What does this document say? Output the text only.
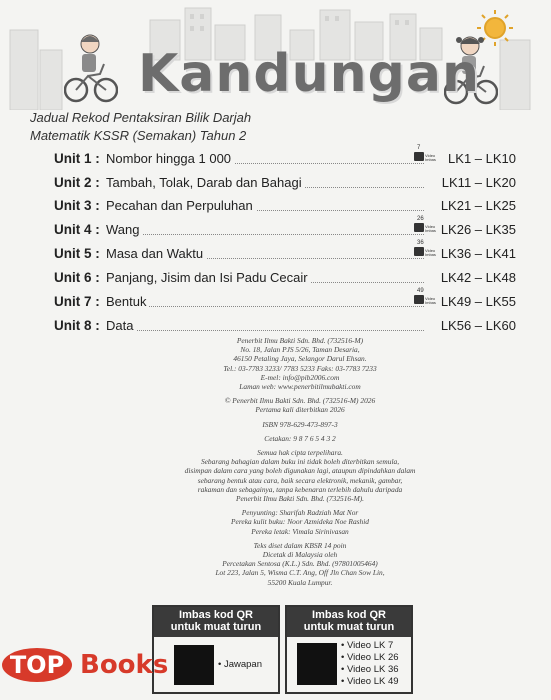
Kandungan
Jadual Rekod Pentaksiran Bilik Darjah
Matematik KSSR (Semakan) Tahun 2
Unit 1 : Nombor hingga 1 000	LK1 – LK10
7
Video Imbas
Unit 2 : Tambah, Tolak, Darab dan Bahagi	LK11 – LK20
Unit 3 : Pecahan dan Perpuluhan	LK21 – LK25
Unit 4 : Wang	LK26 – LK35
26
Video Imbas
Unit 5 : Masa dan Waktu	LK36 – LK41
36
Video Imbas
Unit 6 : Panjang, Jisim dan Isi Padu Cecair	LK42 – LK48
Unit 7 : Bentuk	LK49 – LK55
49
Video Imbas
Unit 8 : Data	LK56 – LK60
Penerbit Ilmu Bakti Sdn. Bhd. (732516-M)
No. 18, Jalan PJS 5/26, Taman Desaria,
46150 Petaling Jaya, Selangor Darul Ehsan.
Tel.: 03-7783 3233/ 7783 5233 Faks: 03-7783 7233
E-mel: info@pib2006.com
Laman web: www.penerbitilmubakti.com
© Penerbit Ilmu Bakti Sdn. Bhd. (732516-M) 2026
Pertama kali diterbitkan 2026
ISBN 978-629-473-897-3
Cetakan: 9 8 7 6 5 4 3 2
Semua hak cipta terpelihara.
Sebarang bahagian dalam buku ini tidak boleh diterbitkan semula,
disimpan dalam cara yang boleh digunakan lagi, ataupun dipindahkan dalam
sebarang bentuk atau cara, baik secara elektronik, mekanik, gambar,
rakaman dan sebagainya, tanpa kebenaran terlebih dahulu daripada
Penerbit Ilmu Bakti Sdn. Bhd. (732516-M).
Penyunting: Sharifah Radziah Mat Nor
Pereka kulit buku: Noor Azmideka Noe Rashid
Pereka letak: Vimala Sirinivasan
Teks diset dalam KBSR 14 poin
Dicetak di Malaysia oleh
Percetakan Sentosa (K.L.) Sdn. Bhd. (97801005464)
Lot 223, Jalan 5, Wisma C.T. Ang, Off Jln Chan Sow Lin,
55200 Kuala Lumpur.
Imbas kod QR
untuk muat turun
• Jawapan
Imbas kod QR
untuk muat turun
• Video LK 7
• Video LK 26
• Video LK 36
• Video LK 49
TOP Books
